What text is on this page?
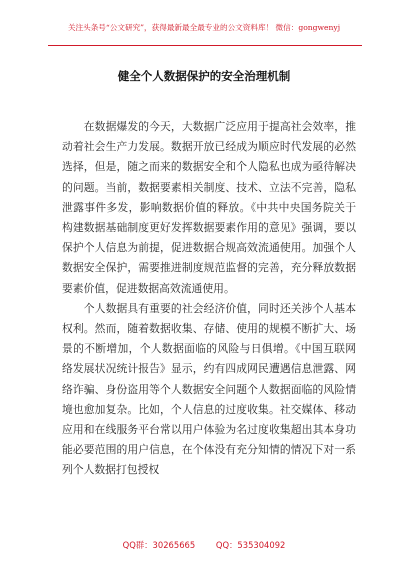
关注头条号“公文研究”，获得最新最全最专业的公文资料库！ 微信：gongwenyj
健全个人数据保护的安全治理机制

　　在数据爆发的今天，大数据广泛应用于提高社会效率，推动着社会生产力发展。数据开放已经成为顺应时代发展的必然选择，但是，随之而来的数据安全和个人隐私也成为亟待解决的问题。当前，数据要素相关制度、技术、立法不完善，隐私泄露事件多发，影响数据价值的释放。《中共中央国务院关于构建数据基础制度更好发挥数据要素作用的意见》强调，要以保护个人信息为前提，促进数据合规高效流通使用。加强个人数据安全保护，需要推进制度规范监督的完善，充分释放数据要素价值，促进数据高效流通使用。

　　个人数据具有重要的社会经济价值，同时还关涉个人基本权利。然而，随着数据收集、存储、使用的规模不断扩大、场景的不断增加，个人数据面临的风险与日俱增。《中国互联网络发展状况统计报告》显示，约有四成网民遭遇信息泄露、网络诈骗、身份盗用等个人数据安全问题个人数据面临的风险情境也愈加复杂。比如，个人信息的过度收集。社交媒体、移动应用和在线服务平台常以用户体验为名过度收集超出其本身功能必要范围的用户信息，在个体没有充分知情的情况下对一系列个人数据打包授权

QQ群：30265665 QQ：535304092
